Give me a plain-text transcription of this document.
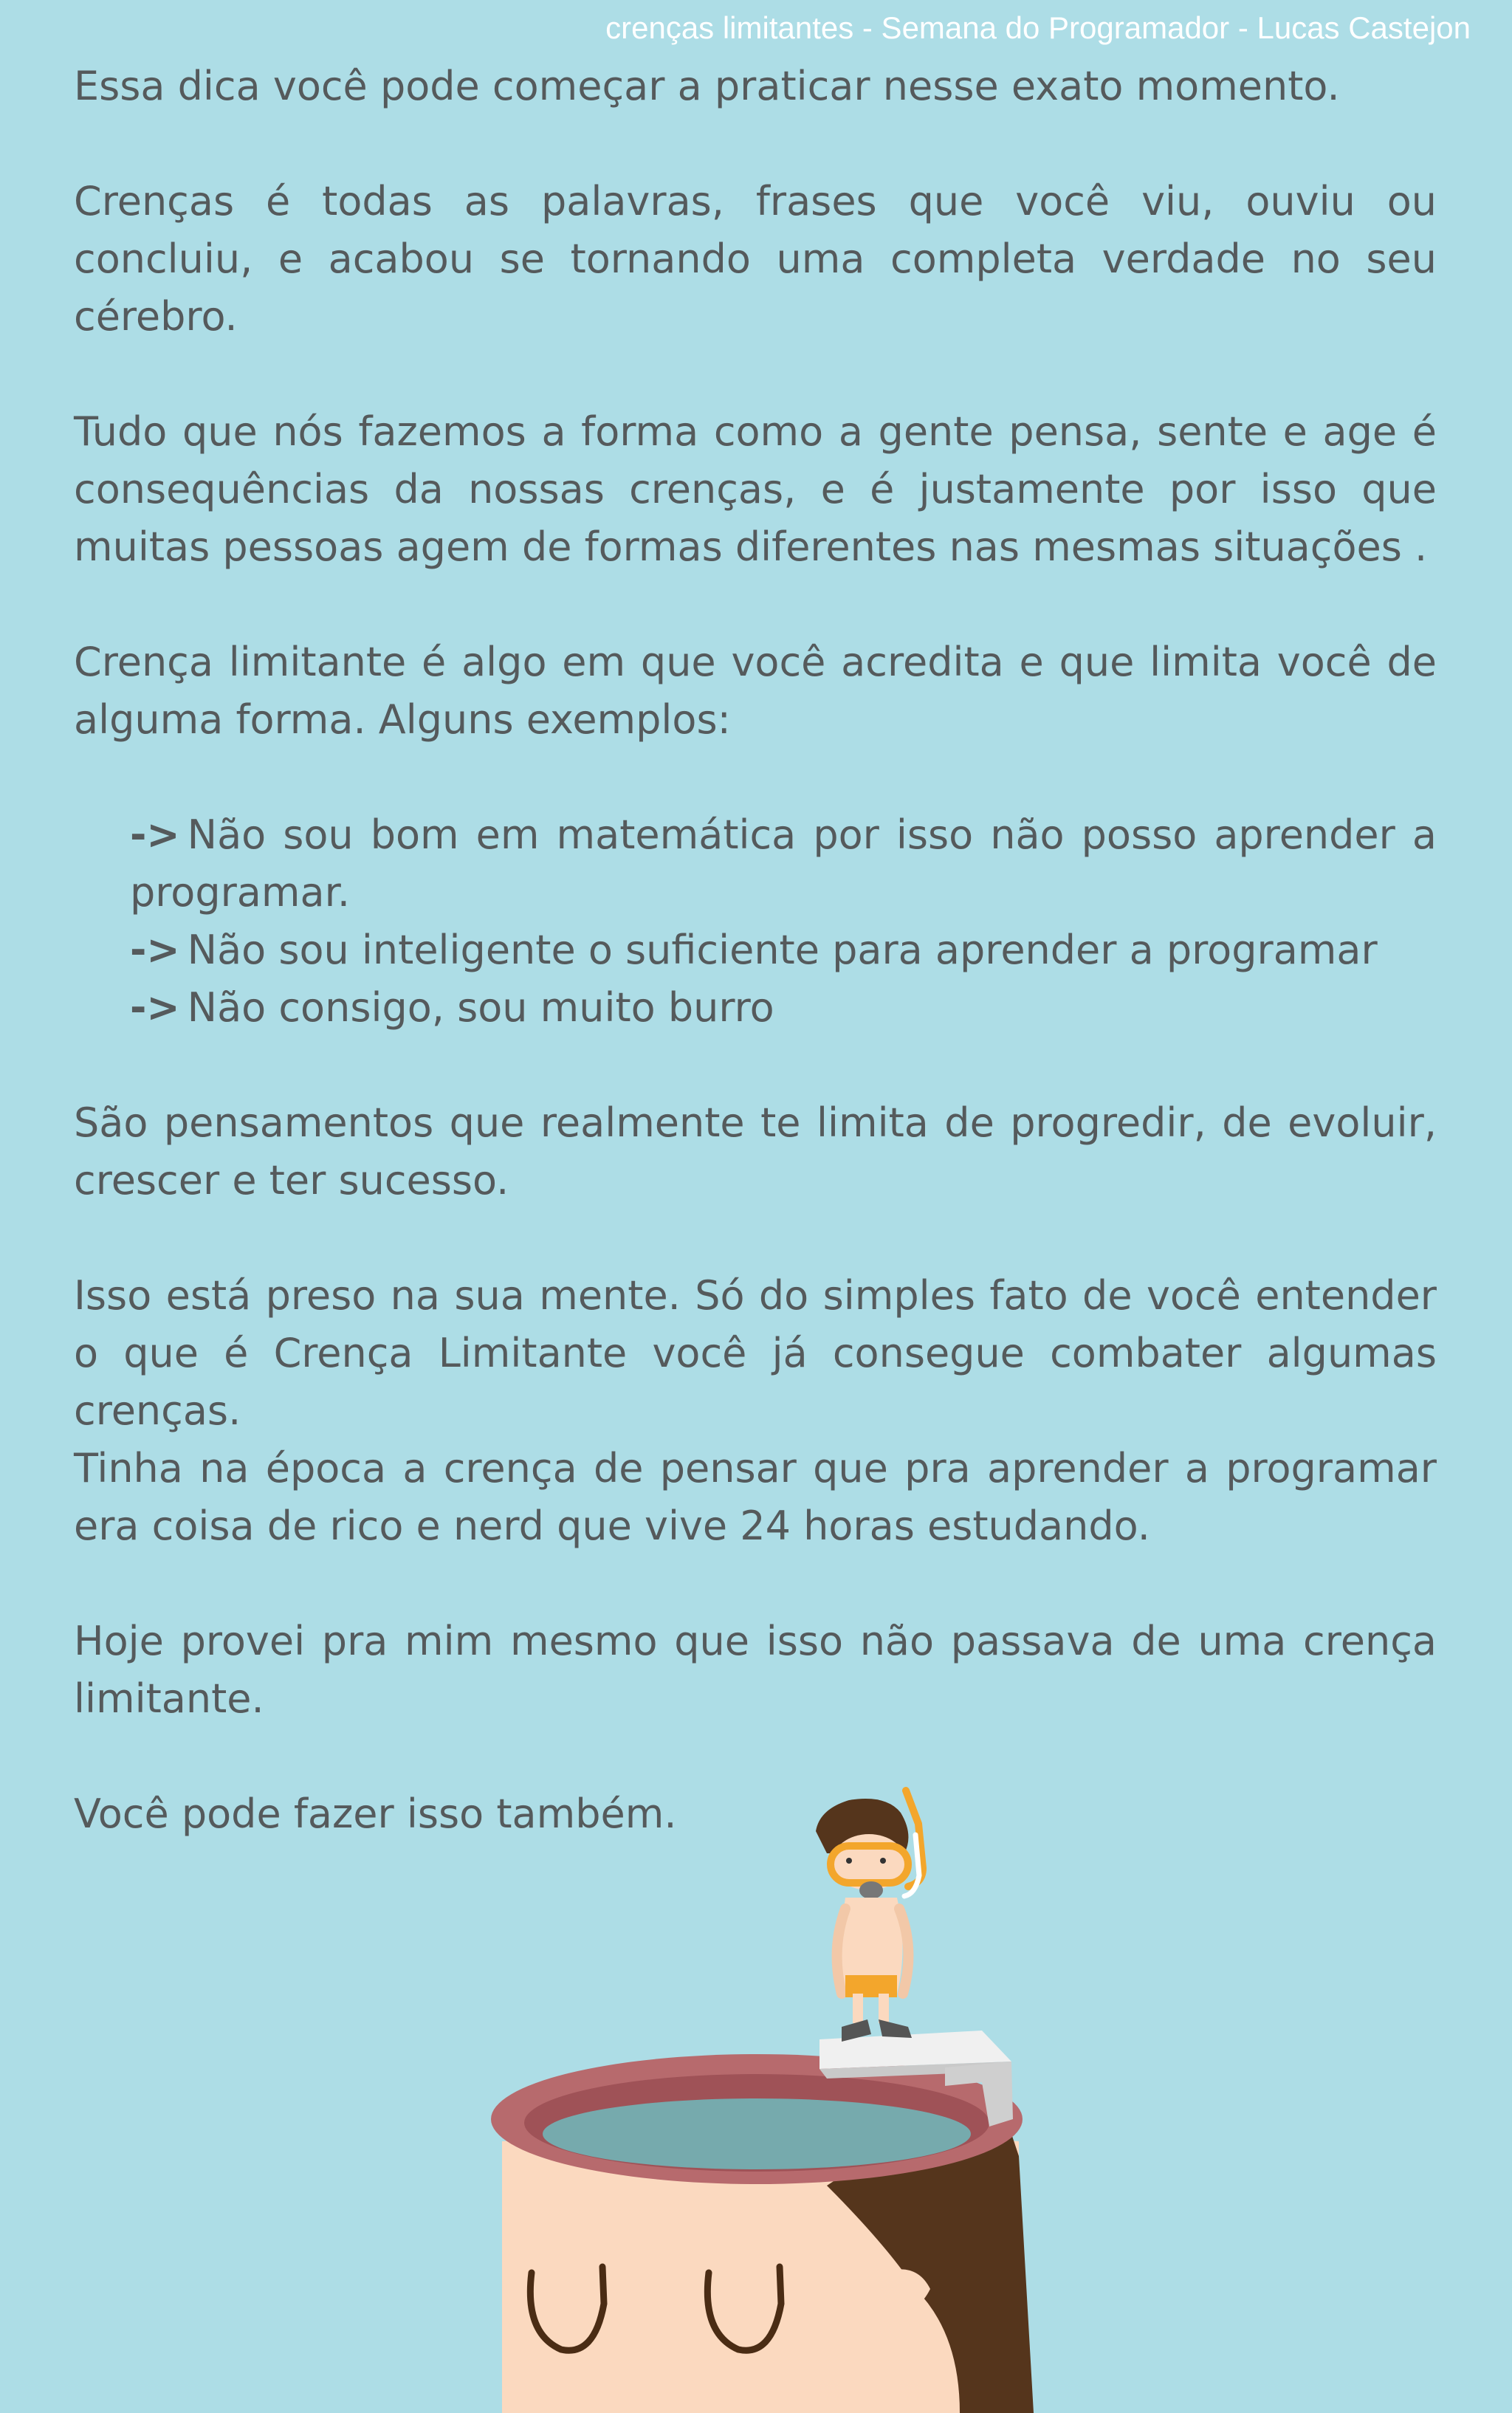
crenças limitantes - Semana do Programador - Lucas Castejon

Essa dica você pode começar a praticar nesse exato momento.

Crenças é todas as palavras, frases que você viu, ouviu ou concluiu, e acabou se tornando uma completa verdade no seu cérebro.

Tudo que nós fazemos a forma como a gente pensa, sente e age é consequências da nossas crenças, e é justamente por isso que muitas pessoas agem de formas diferentes nas mesmas situações .

Crença limitante é algo em que você acredita e que limita você de alguma forma. Alguns exemplos:

-> Não sou bom em matemática por isso não posso aprender a programar.
-> Não sou inteligente o suficiente para aprender a programar
-> Não consigo, sou muito burro

São pensamentos que realmente te limita de progredir, de evoluir, crescer e ter sucesso.

Isso está preso na sua mente. Só do simples fato de você entender o que é Crença Limitante você já consegue combater algumas crenças.

Tinha na época a crença de pensar que pra aprender a programar era coisa de rico e nerd que vive 24 horas estudando.

Hoje provei pra mim mesmo que isso não passava de uma crença limitante.

Você pode fazer isso também.
